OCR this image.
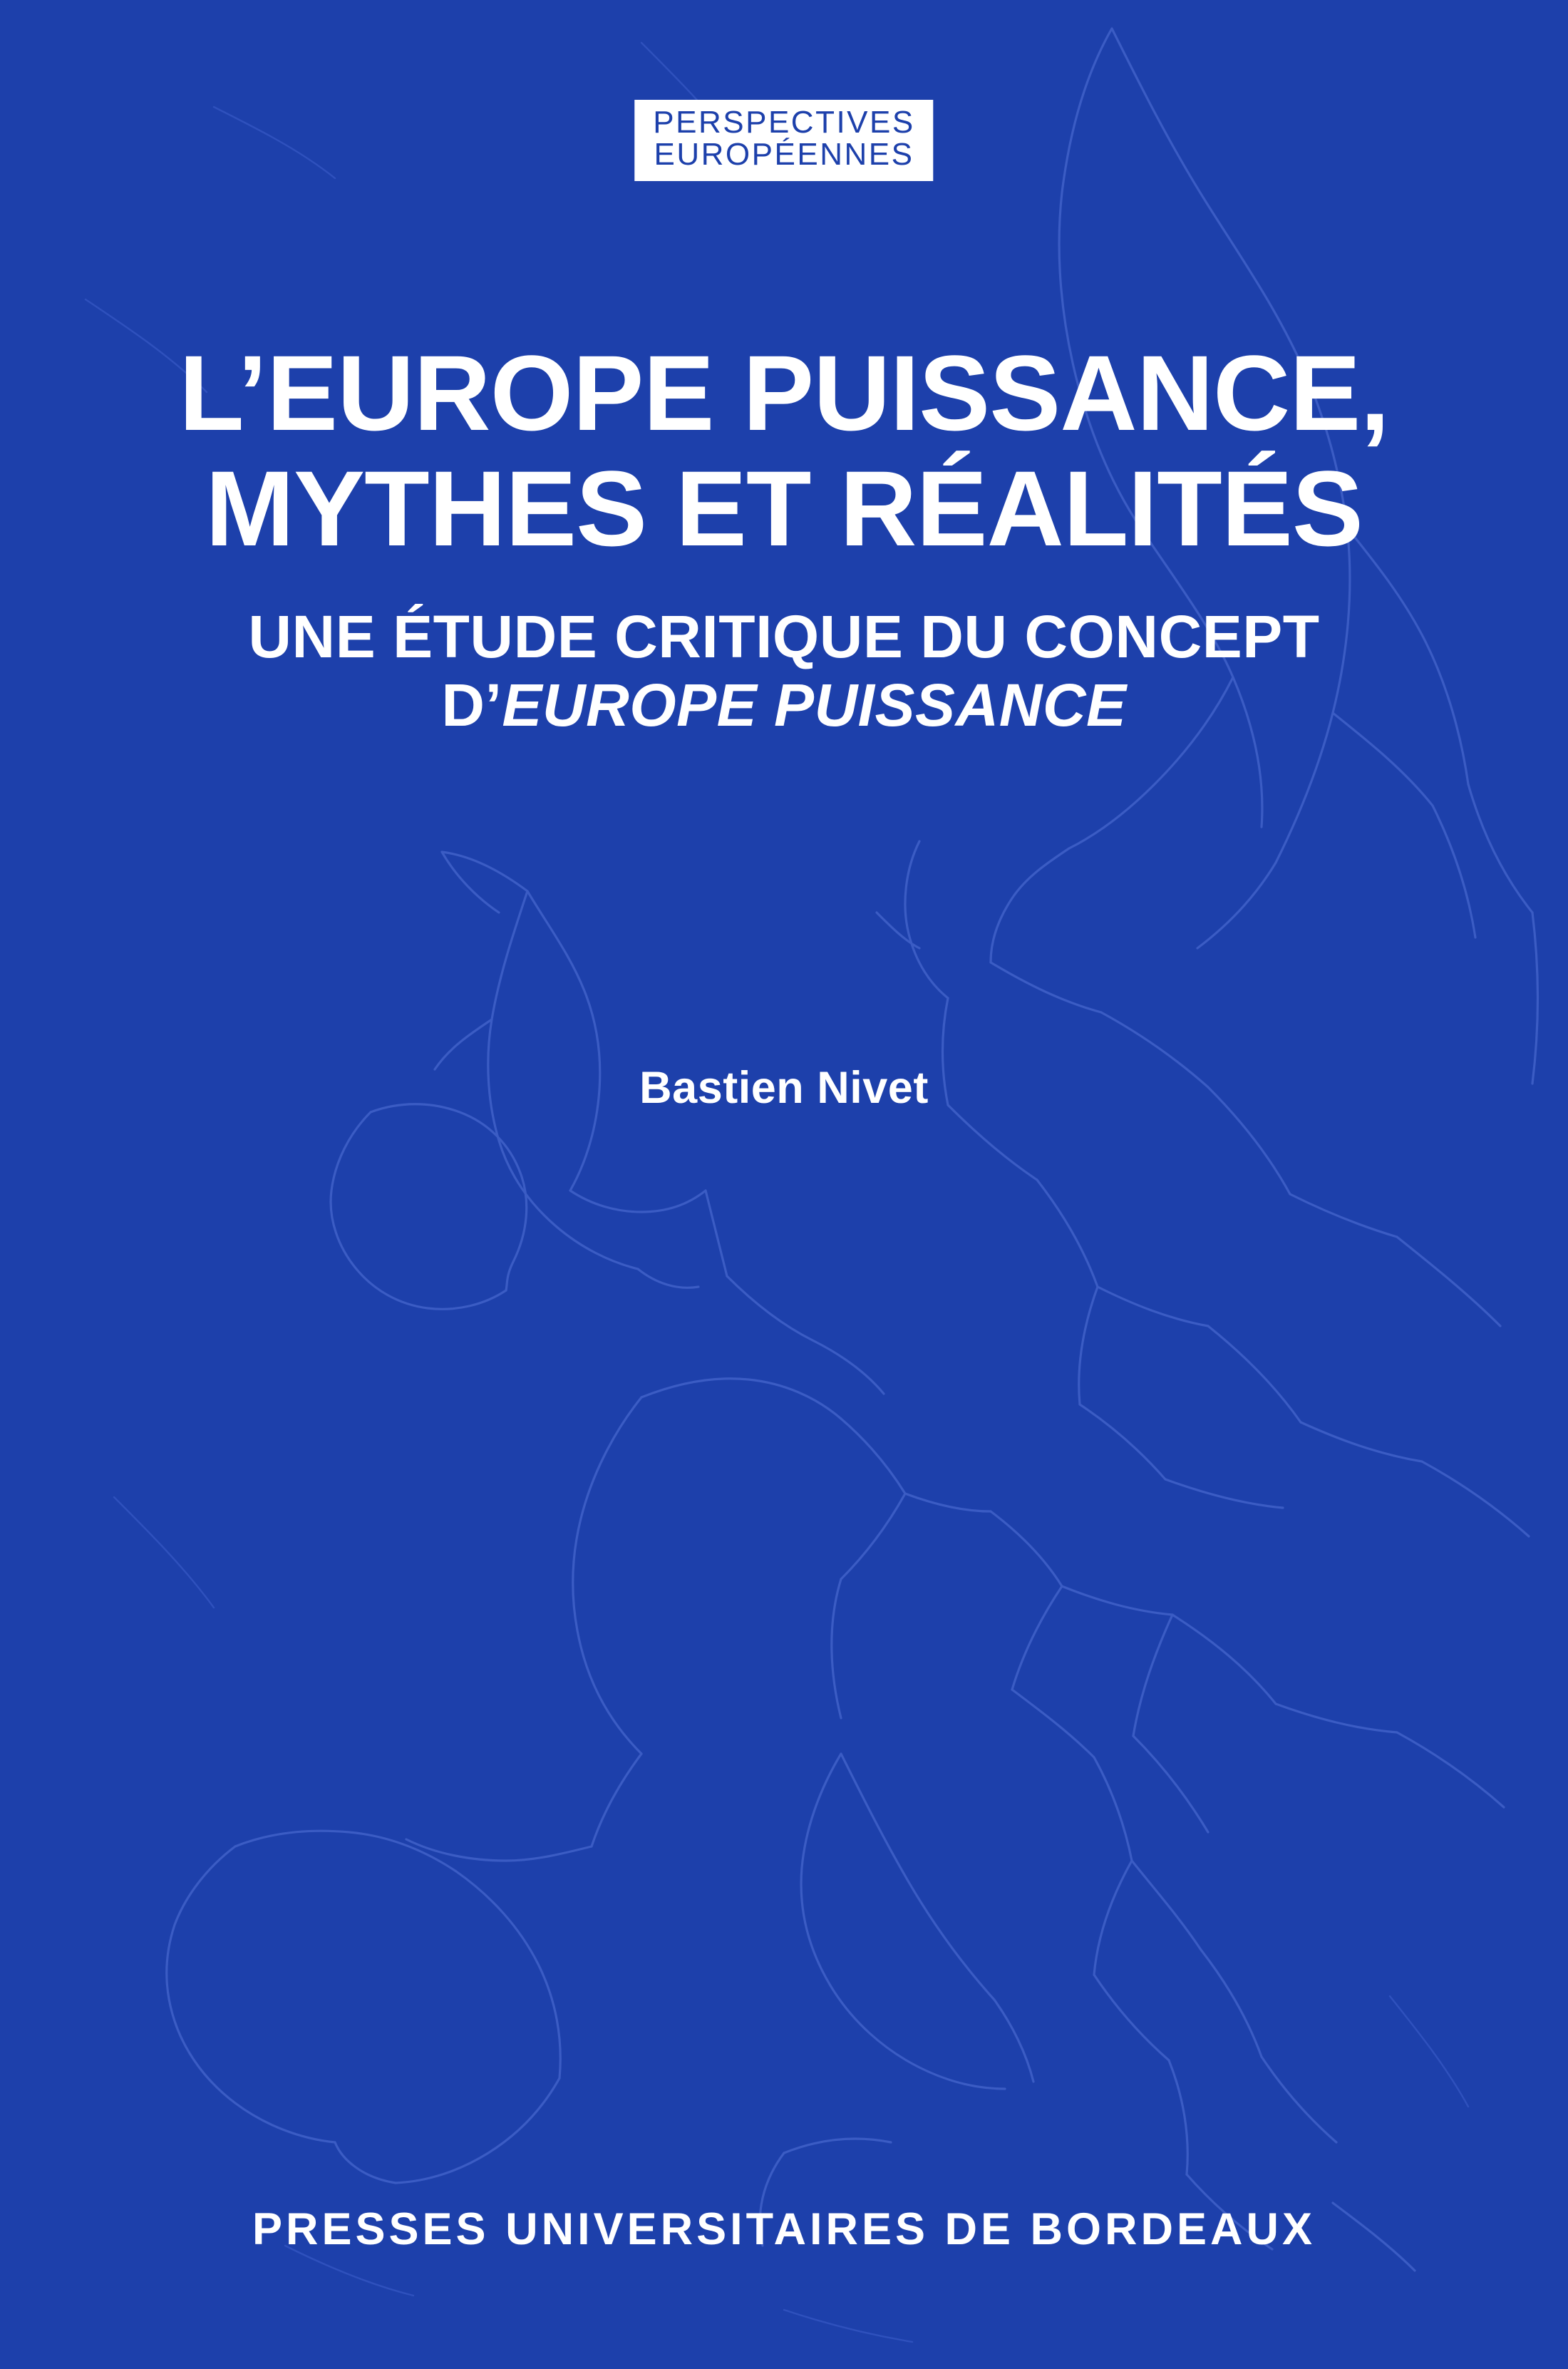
PERSPECTIVES
EUROPÉENNES
L’EUROPE PUISSANCE,
MYTHES ET RÉALITÉS
UNE ÉTUDE CRITIQUE DU CONCEPT
D’EUROPE PUISSANCE
Bastien Nivet
PRESSES UNIVERSITAIRES DE BORDEAUX
